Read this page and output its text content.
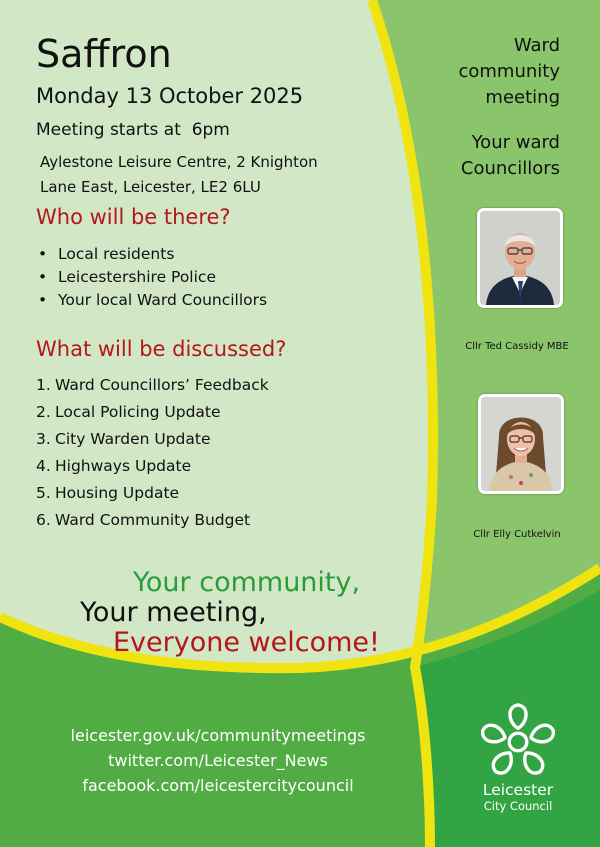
Saffron
Monday 13 October 2025
Meeting starts at  6pm
Aylestone Leisure Centre, 2 Knighton
Lane East, Leicester, LE2 6LU
Who will be there?
• Local residents
• Leicestershire Police
• Your local Ward Councillors
What will be discussed?
1. Ward Councillors’ Feedback
2. Local Policing Update
3. City Warden Update
4. Highways Update
5. Housing Update
6. Ward Community Budget
Ward
community
meeting
Your ward
Councillors
Cllr Ted Cassidy MBE
Cllr Elly Cutkelvin
Your community,
Your meeting,
Everyone welcome!
leicester.gov.uk/communitymeetings
twitter.com/Leicester_News
facebook.com/leicestercitycouncil	Leicester
City Council
